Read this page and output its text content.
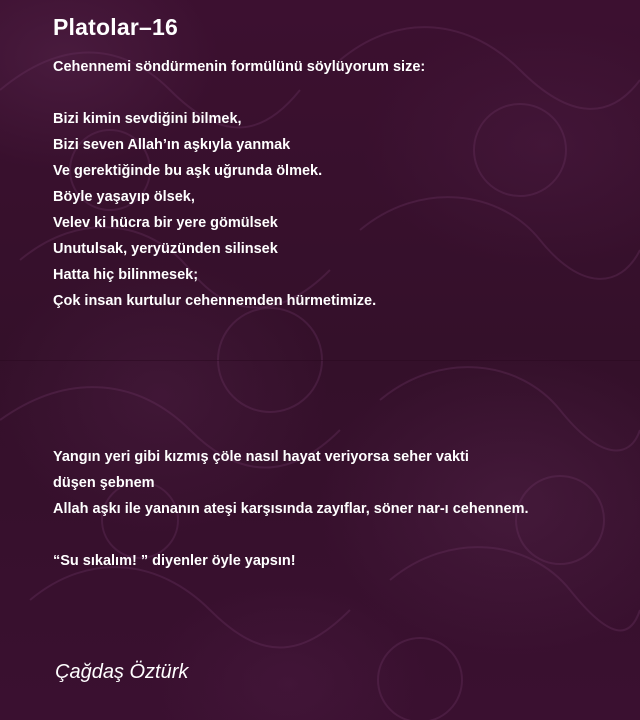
Platolar–16
Cehennemi söndürmenin formülünü söylüyorum size:
Bizi kimin sevdiğini bilmek,
Bizi seven Allah’ın aşkıyla yanmak
Ve gerektiğinde bu aşk uğrunda ölmek.
Böyle yaşayıp ölsek,
Velev ki hücra bir yere gömülsek
Unutulsak, yeryüzünden silinsek
Hatta hiç bilinmesek;
Çok insan kurtulur cehennemden hürmetimize.
Yangın yeri gibi kızmış çöle nasıl hayat veriyorsa seher vakti
düşen şebnem
Allah aşkı ile yananın ateşi karşısında zayıflar, söner nar-ı cehennem.
“Su sıkalım! ” diyenler öyle yapsın!
Çağdaş Öztürk
